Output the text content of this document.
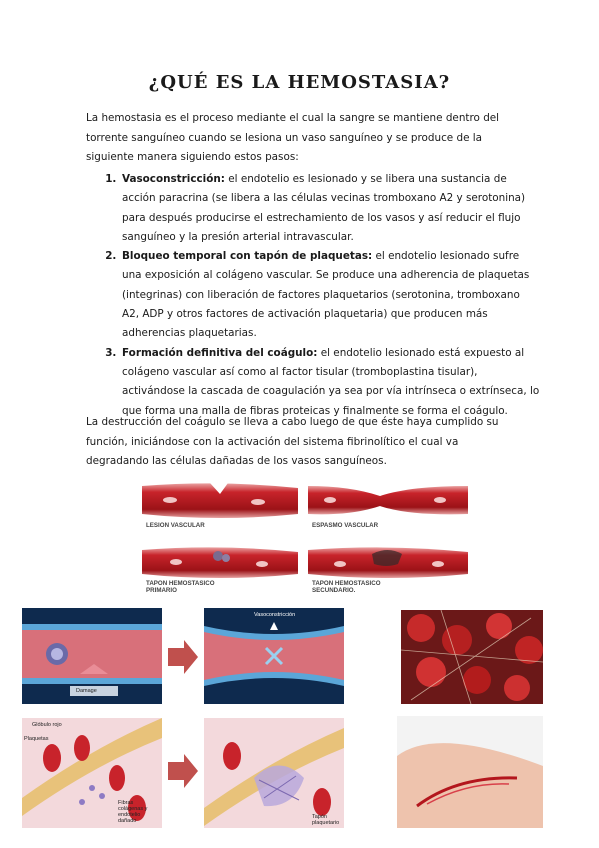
¿QUÉ ES LA HEMOSTASIA?
La hemostasia es el proceso mediante el cual la sangre se mantiene dentro del torrente sanguíneo cuando se lesiona un vaso sanguíneo y se produce de la siguiente manera siguiendo estos pasos:
1. Vasoconstricción: el endotelio es lesionado y se libera una sustancia de acción paracrina (se libera a las células vecinas tromboxano A2 y serotonina) para después producirse el estrechamiento de los vasos y así reducir el flujo sanguíneo y la presión arterial intravascular.
2. Bloqueo temporal con tapón de plaquetas: el endotelio lesionado sufre una exposición al colágeno vascular. Se produce una adherencia de plaquetas (integrinas) con liberación de factores plaquetarios (serotonina, tromboxano A2, ADP y otros factores de activación plaquetaria) que producen más adherencias plaquetarias.
3. Formación definitiva del coágulo: el endotelio lesionado está expuesto al colágeno vascular así como al factor tisular (tromboplastina tisular), activándose la cascada de coagulación ya sea por vía intrínseca o extrínseca, lo que forma una malla de fibras proteicas y finalmente se forma el coágulo.
La destrucción del coágulo se lleva a cabo luego de que éste haya cumplido su función, iniciándose con la activación del sistema fibrinolítico el cual va degradando las células dañadas de los vasos sanguíneos.
LESION VASCULAR	ESPASMO VASCULAR
TAPON HEMOSTASICO PRIMARIO
TAPON HEMOSTASICO SECUNDARIO.
Damage
Vasoconstricción
Glóbulo rojo
Plaquetas
Fibras colágenas y endotelio dañado
Tapón plaquetario
